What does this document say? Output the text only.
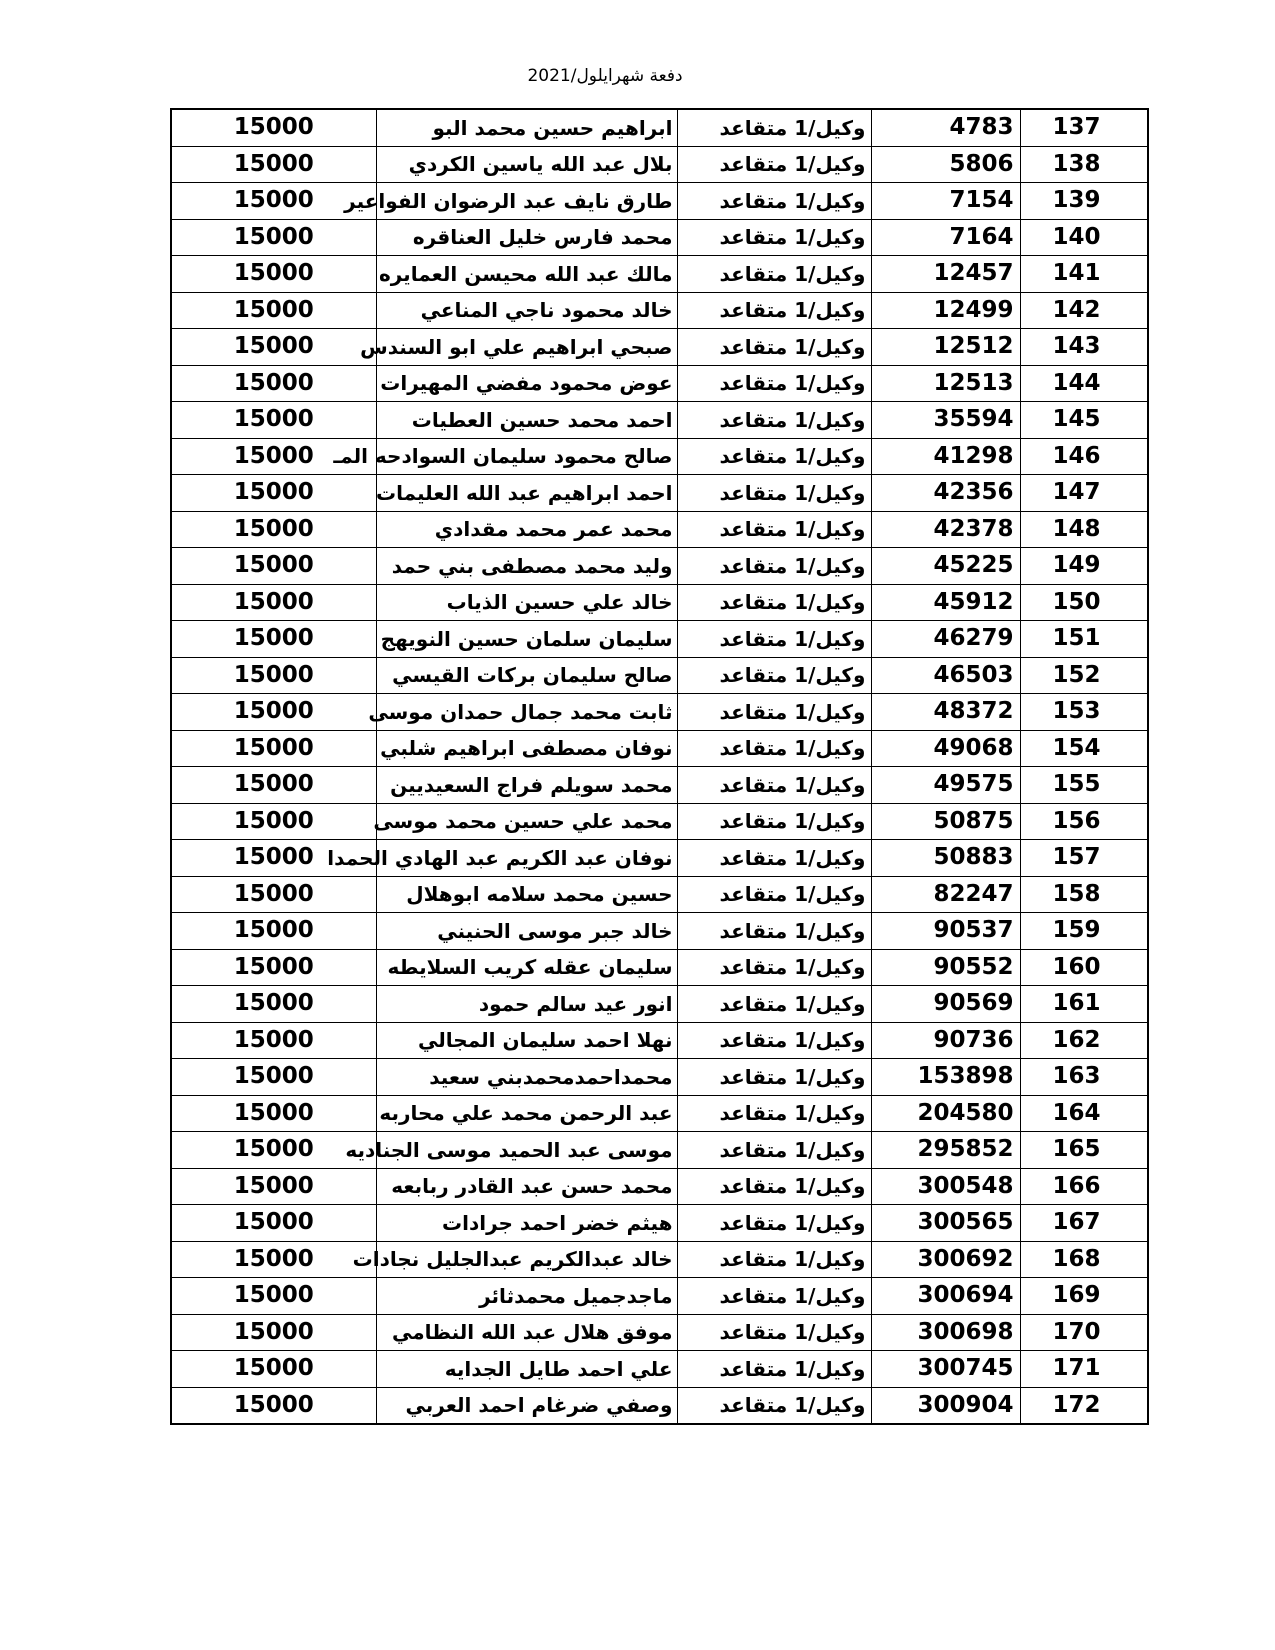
دفعة شهرايلول/2021
15000	ابراهيم حسين محمد البو	وكيل/1 متقاعد	4783	137
15000	بلال عبد الله ياسين الكردي	وكيل/1 متقاعد	5806	138
15000	طارق نايف عبد الرضوان الفواعير	وكيل/1 متقاعد	7154	139
15000	محمد فارس خليل العناقره	وكيل/1 متقاعد	7164	140
15000	مالك عبد الله محيسن العمايره	وكيل/1 متقاعد	12457	141
15000	خالد محمود ناجي المناعي	وكيل/1 متقاعد	12499	142
15000	صبحي ابراهيم علي ابو السندس	وكيل/1 متقاعد	12512	143
15000	عوض محمود مفضي المهيرات	وكيل/1 متقاعد	12513	144
15000	احمد محمد حسين العطيات	وكيل/1 متقاعد	35594	145
15000	صالح محمود سليمان السوادحه المـ	وكيل/1 متقاعد	41298	146
15000	احمد ابراهيم عبد الله العليمات	وكيل/1 متقاعد	42356	147
15000	محمد عمر محمد مقدادي	وكيل/1 متقاعد	42378	148
15000	وليد محمد مصطفى بني حمد	وكيل/1 متقاعد	45225	149
15000	خالد علي حسين الذياب	وكيل/1 متقاعد	45912	150
15000	سليمان سلمان حسين النويهج	وكيل/1 متقاعد	46279	151
15000	صالح سليمان بركات القيسي	وكيل/1 متقاعد	46503	152
15000	ثابت محمد جمال حمدان موسى	وكيل/1 متقاعد	48372	153
15000	نوفان مصطفى ابراهيم شلبي	وكيل/1 متقاعد	49068	154
15000	محمد سويلم فراج السعيديين	وكيل/1 متقاعد	49575	155
15000	محمد علي حسين محمد موسى	وكيل/1 متقاعد	50875	156
15000	نوفان عبد الكريم عبد الهادي الحمدا	وكيل/1 متقاعد	50883	157
15000	حسين محمد سلامه ابوهلال	وكيل/1 متقاعد	82247	158
15000	خالد جبر موسى الحنيني	وكيل/1 متقاعد	90537	159
15000	سليمان عقله كريب السلايطه	وكيل/1 متقاعد	90552	160
15000	انور عيد سالم حمود	وكيل/1 متقاعد	90569	161
15000	نهلا احمد سليمان المجالي	وكيل/1 متقاعد	90736	162
15000	محمداحمدمحمدبني سعيد	وكيل/1 متقاعد	153898	163
15000	عبد الرحمن محمد علي محاربه	وكيل/1 متقاعد	204580	164
15000	موسى عبد الحميد موسى الجناديه	وكيل/1 متقاعد	295852	165
15000	محمد حسن عبد القادر ربابعه	وكيل/1 متقاعد	300548	166
15000	هيثم خضر احمد جرادات	وكيل/1 متقاعد	300565	167
15000	خالد عبدالكريم عبدالجليل نجادات	وكيل/1 متقاعد	300692	168
15000	ماجدجميل محمدثائر	وكيل/1 متقاعد	300694	169
15000	موفق هلال عبد الله النظامي	وكيل/1 متقاعد	300698	170
15000	علي احمد طايل الجدايه	وكيل/1 متقاعد	300745	171
15000	وصفي ضرغام احمد العربي	وكيل/1 متقاعد	300904	172
